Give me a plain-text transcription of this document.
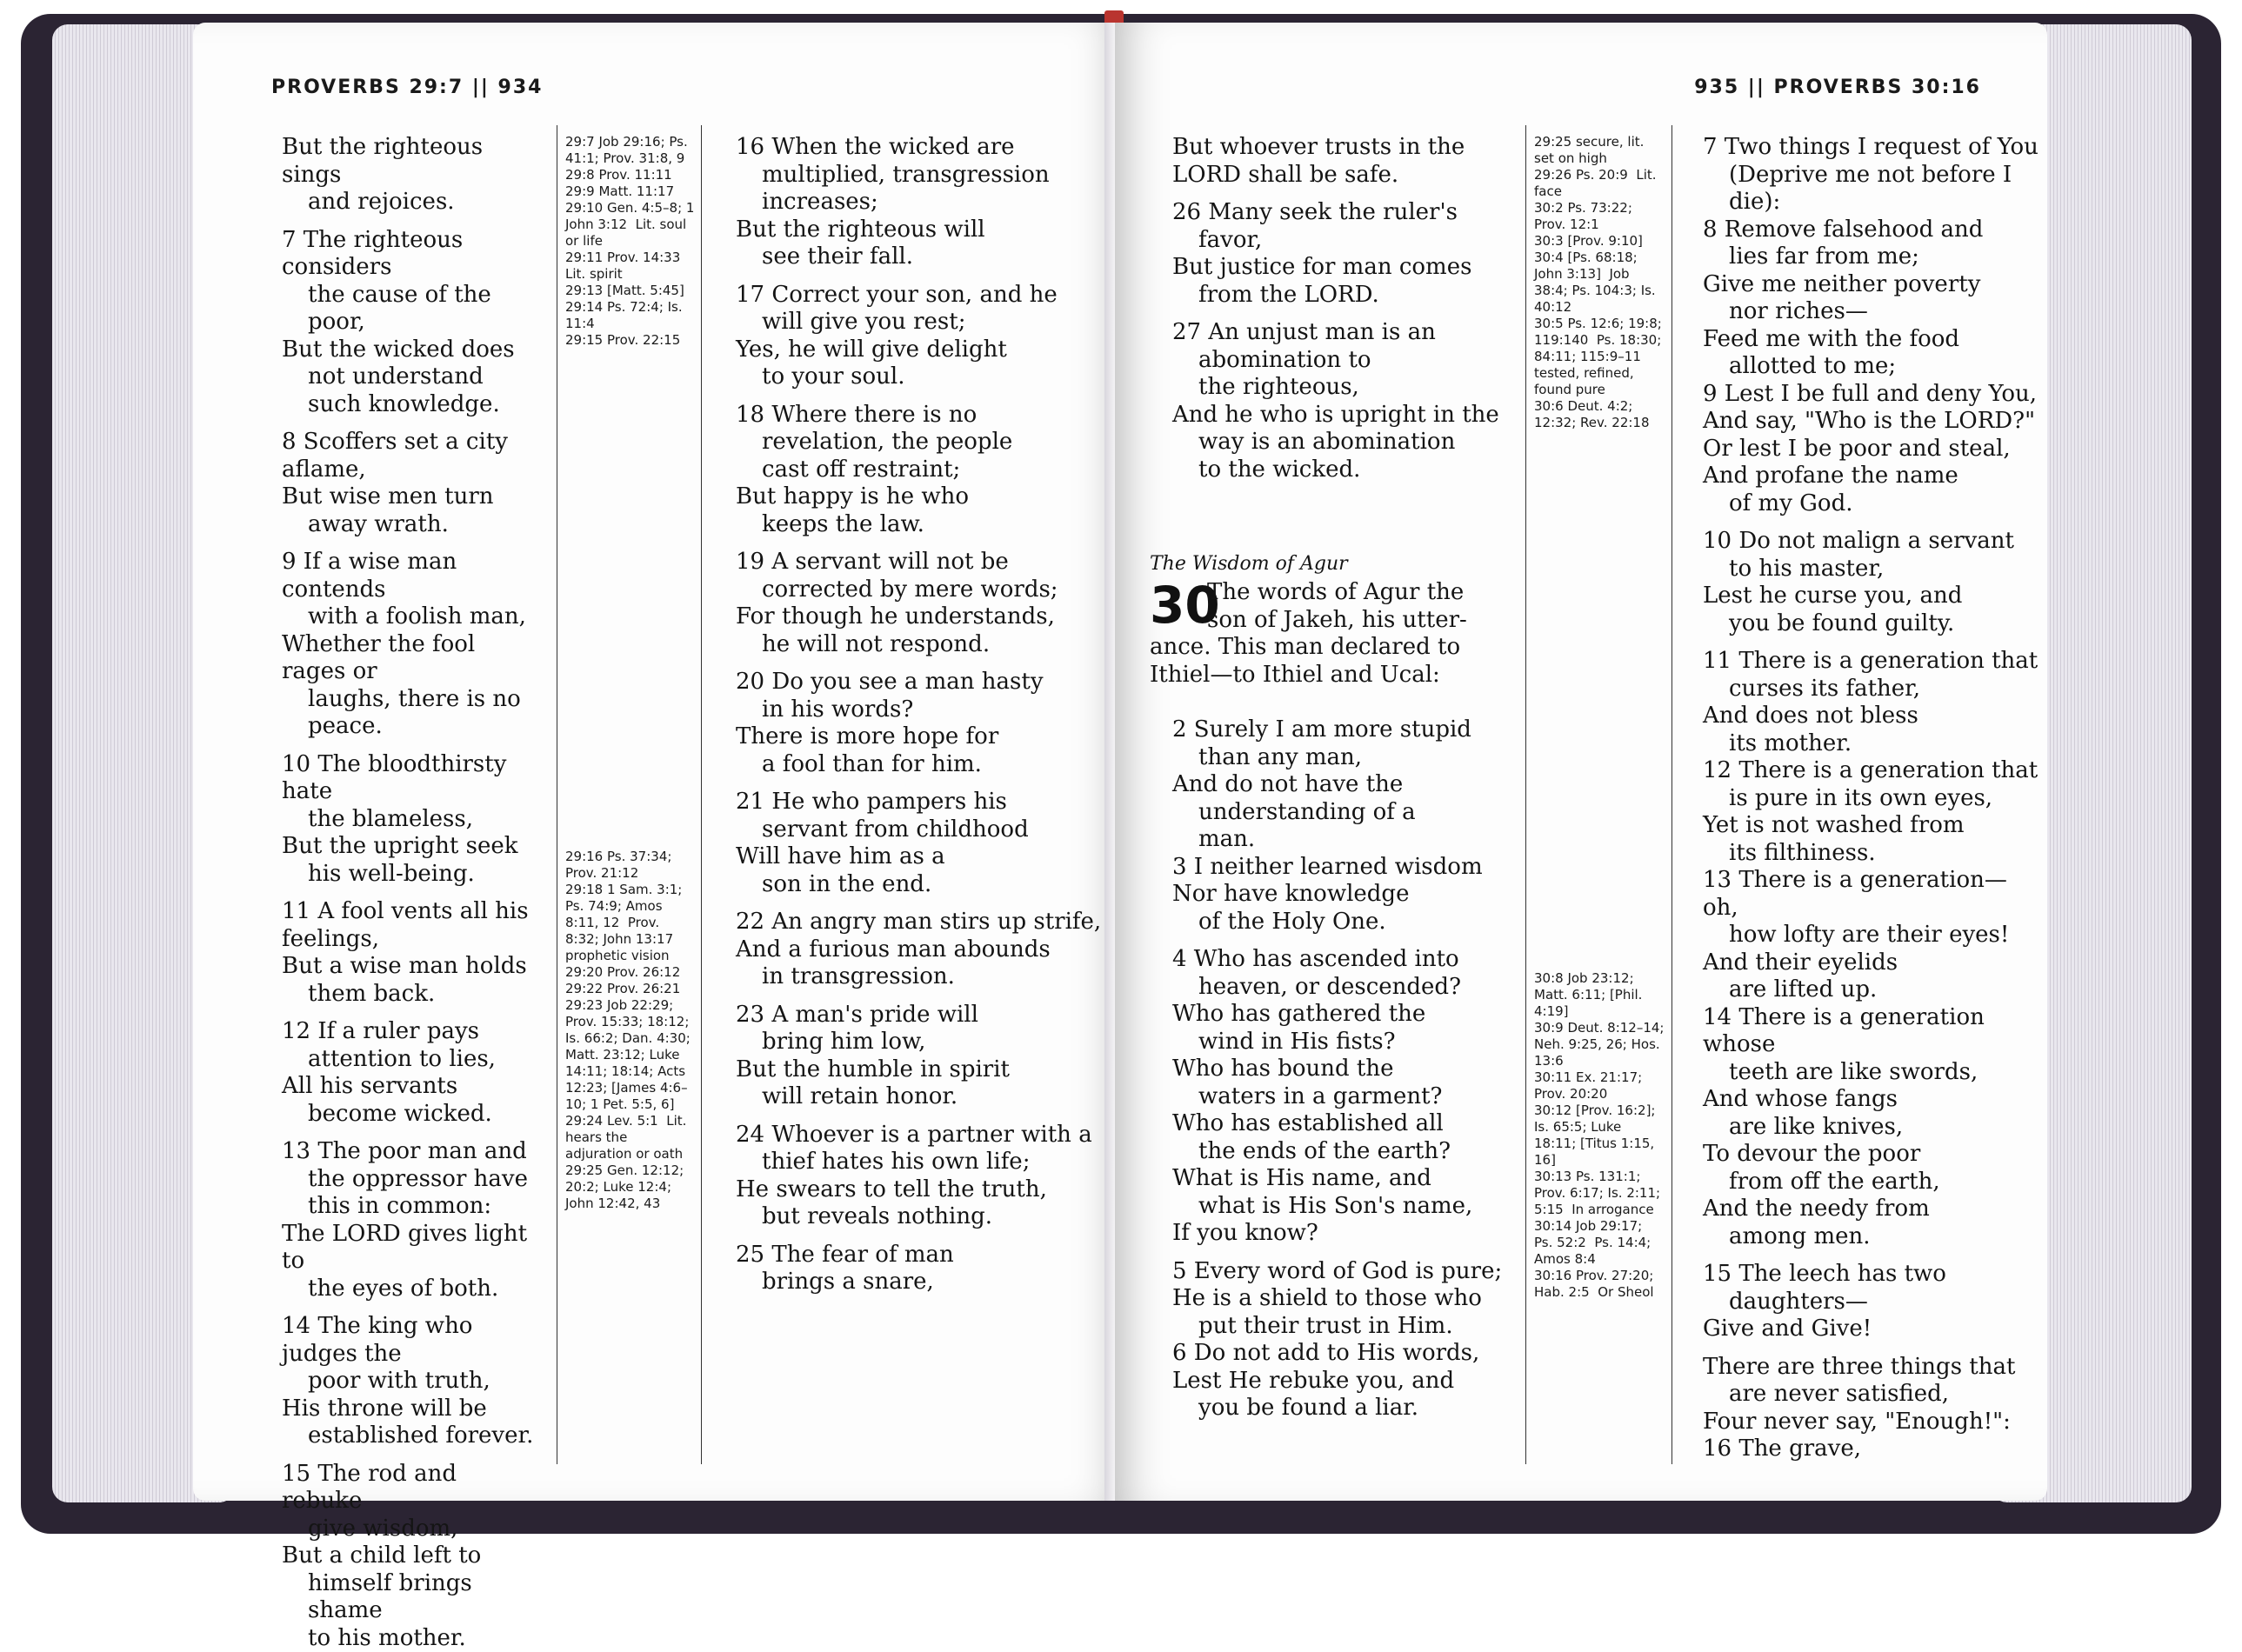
PROVERBS 29:7 || 934
But the righteous sings
and rejoices.
7 The righteous considers
the cause of the poor,
But the wicked does
not understand
such knowledge.
8 Scoffers set a city aflame,
But wise men turn
away wrath.
9 If a wise man contends
with a foolish man,
Whether the fool rages or
laughs, there is no peace.
10 The bloodthirsty hate
the blameless,
But the upright seek
his well-being.
11 A fool vents all his feelings,
But a wise man holds
them back.
12 If a ruler pays
attention to lies,
All his servants
become wicked.
13 The poor man and
the oppressor have
this in common:
The LORD gives light to
the eyes of both.
14 The king who judges the
poor with truth,
His throne will be
established forever.
15 The rod and rebuke
give wisdom,
But a child left to
himself brings shame
to his mother.
29:7 Job 29:16; Ps. 41:1; Prov. 31:8, 9
29:8 Prov. 11:11
29:9 Matt. 11:17
29:10 Gen. 4:5–8; 1 John 3:12  Lit. soul or life
29:11 Prov. 14:33  Lit. spirit
29:13 [Matt. 5:45]
29:14 Ps. 72:4; Is. 11:4
29:15 Prov. 22:15
29:16 Ps. 37:34; Prov. 21:12
29:18 1 Sam. 3:1; Ps. 74:9; Amos 8:11, 12  Prov. 8:32; John 13:17  prophetic vision
29:20 Prov. 26:12
29:22 Prov. 26:21
29:23 Job 22:29; Prov. 15:33; 18:12; Is. 66:2; Dan. 4:30; Matt. 23:12; Luke 14:11; 18:14; Acts 12:23; [James 4:6–10; 1 Pet. 5:5, 6]
29:24 Lev. 5:1  Lit. hears the adjuration or oath
29:25 Gen. 12:12; 20:2; Luke 12:4; John 12:42, 43
16 When the wicked are
multiplied, transgression
increases;
But the righteous will
see their fall.
17 Correct your son, and he
will give you rest;
Yes, he will give delight
to your soul.
18 Where there is no
revelation, the people
cast off restraint;
But happy is he who
keeps the law.
19 A servant will not be
corrected by mere words;
For though he understands,
he will not respond.
20 Do you see a man hasty
in his words?
There is more hope for
a fool than for him.
21 He who pampers his
servant from childhood
Will have him as a
son in the end.
22 An angry man stirs up strife,
And a furious man abounds
in transgression.
23 A man's pride will
bring him low,
But the humble in spirit
will retain honor.
24 Whoever is a partner with a
thief hates his own life;
He swears to tell the truth,
but reveals nothing.
25 The fear of man
brings a snare,
935 || PROVERBS 30:16
But whoever trusts in the
LORD shall be safe.
26 Many seek the ruler's
favor,
But justice for man comes
from the LORD.
27 An unjust man is an
abomination to
the righteous,
And he who is upright in the
way is an abomination
to the wicked.
The Wisdom of Agur
30
The words of Agur the
son of Jakeh, his utter-
ance. This man declared to
Ithiel—to Ithiel and Ucal:
2 Surely I am more stupid
than any man,
And do not have the
understanding of a
man.
3 I neither learned wisdom
Nor have knowledge
of the Holy One.
4 Who has ascended into
heaven, or descended?
Who has gathered the
wind in His fists?
Who has bound the
waters in a garment?
Who has established all
the ends of the earth?
What is His name, and
what is His Son's name,
If you know?
5 Every word of God is pure;
He is a shield to those who
put their trust in Him.
6 Do not add to His words,
Lest He rebuke you, and
you be found a liar.
29:25 secure, lit. set on high
29:26 Ps. 20:9  Lit. face
30:2 Ps. 73:22; Prov. 12:1
30:3 [Prov. 9:10]
30:4 [Ps. 68:18; John 3:13]  Job 38:4; Ps. 104:3; Is. 40:12
30:5 Ps. 12:6; 19:8; 119:140  Ps. 18:30; 84:11; 115:9–11  tested, refined, found pure
30:6 Deut. 4:2; 12:32; Rev. 22:18
30:8 Job 23:12; Matt. 6:11; [Phil. 4:19]
30:9 Deut. 8:12–14; Neh. 9:25, 26; Hos. 13:6
30:11 Ex. 21:17; Prov. 20:20
30:12 [Prov. 16:2]; Is. 65:5; Luke 18:11; [Titus 1:15, 16]
30:13 Ps. 131:1; Prov. 6:17; Is. 2:11; 5:15  In arrogance
30:14 Job 29:17; Ps. 52:2  Ps. 14:4; Amos 8:4
30:16 Prov. 27:20; Hab. 2:5  Or Sheol
7 Two things I request of You
(Deprive me not before I die):
8 Remove falsehood and
lies far from me;
Give me neither poverty
nor riches—
Feed me with the food
allotted to me;
9 Lest I be full and deny You,
And say, "Who is the LORD?"
Or lest I be poor and steal,
And profane the name
of my God.
10 Do not malign a servant
to his master,
Lest he curse you, and
you be found guilty.
11 There is a generation that
curses its father,
And does not bless
its mother.
12 There is a generation that
is pure in its own eyes,
Yet is not washed from
its filthiness.
13 There is a generation—oh,
how lofty are their eyes!
And their eyelids
are lifted up.
14 There is a generation whose
teeth are like swords,
And whose fangs
are like knives,
To devour the poor
from off the earth,
And the needy from
among men.
15 The leech has two
daughters—
Give and Give!
There are three things that
are never satisfied,
Four never say, "Enough!":
16 The grave,
